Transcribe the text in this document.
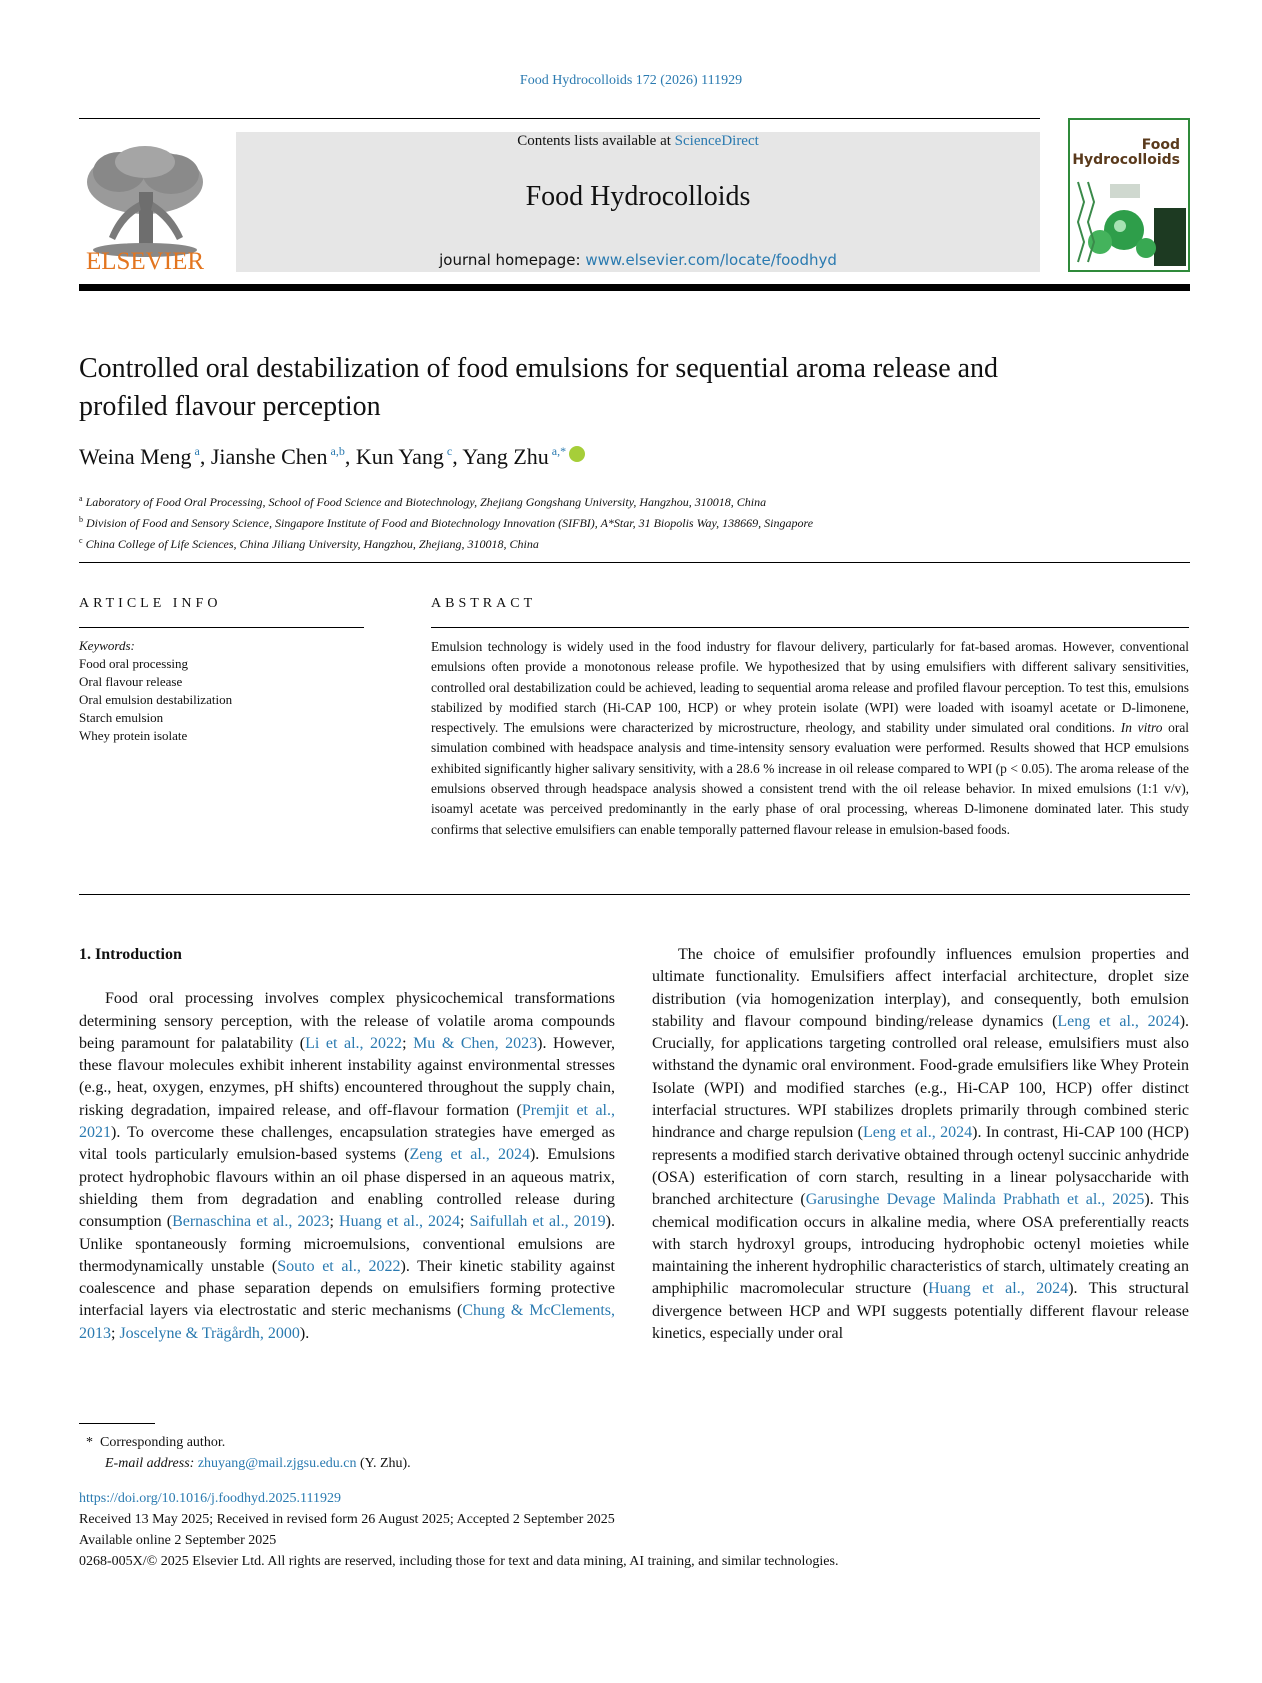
Food Hydrocolloids 172 (2026) 111929
ELSEVIER
Contents lists available at ScienceDirect
Food Hydrocolloids
journal homepage: www.elsevier.com/locate/foodhyd
Food
Hydrocolloids
Controlled oral destabilization of food emulsions for sequential aroma release and profiled flavour perception
Weina Meng $^a$, Jianshe Chen $^{a,b}$, Kun Yang $^c$, Yang Zhu $^{a,*}$
$^a$ Laboratory of Food Oral Processing, School of Food Science and Biotechnology, Zhejiang Gongshang University, Hangzhou, 310018, China
$^b$ Division of Food and Sensory Science, Singapore Institute of Food and Biotechnology Innovation (SIFBI), A*Star, 31 Biopolis Way, 138669, Singapore
$^c$ China College of Life Sciences, China Jiliang University, Hangzhou, Zhejiang, 310018, China
ARTICLE INFO
Keywords:
Food oral processing
Oral flavour release
Oral emulsion destabilization
Starch emulsion
Whey protein isolate
ABSTRACT
Emulsion technology is widely used in the food industry for flavour delivery, particularly for fat-based aromas. However, conventional emulsions often provide a monotonous release profile. We hypothesized that by using emulsifiers with different salivary sensitivities, controlled oral destabilization could be achieved, leading to sequential aroma release and profiled flavour perception. To test this, emulsions stabilized by modified starch (Hi-CAP 100, HCP) or whey protein isolate (WPI) were loaded with isoamyl acetate or D-limonene, respectively. The emulsions were characterized by microstructure, rheology, and stability under simulated oral conditions. In vitro oral simulation combined with headspace analysis and time-intensity sensory evaluation were performed. Results showed that HCP emulsions exhibited significantly higher salivary sensitivity, with a 28.6 % increase in oil release compared to WPI (p < 0.05). The aroma release of the emulsions observed through headspace analysis showed a consistent trend with the oil release behavior. In mixed emulsions (1:1 v/v), isoamyl acetate was perceived predominantly in the early phase of oral processing, whereas D-limonene dominated later. This study confirms that selective emulsifiers can enable temporally patterned flavour release in emulsion-based foods.

1. Introduction

Food oral processing involves complex physicochemical transformations determining sensory perception, with the release of volatile aroma compounds being paramount for palatability (Li et al., 2022; Mu & Chen, 2023). However, these flavour molecules exhibit inherent instability against environmental stresses (e.g., heat, oxygen, enzymes, pH shifts) encountered throughout the supply chain, risking degradation, impaired release, and off-flavour formation (Premjit et al., 2021). To overcome these challenges, encapsulation strategies have emerged as vital tools particularly emulsion-based systems (Zeng et al., 2024). Emulsions protect hydrophobic flavours within an oil phase dispersed in an aqueous matrix, shielding them from degradation and enabling controlled release during consumption (Bernaschina et al., 2023; Huang et al., 2024; Saifullah et al., 2019). Unlike spontaneously forming microemulsions, conventional emulsions are thermodynamically unstable (Souto et al., 2022). Their kinetic stability against coalescence and phase separation depends on emulsifiers forming protective interfacial layers via electrostatic and steric mechanisms (Chung & McClements, 2013; Joscelyne & Trägårdh, 2000).

The choice of emulsifier profoundly influences emulsion properties and ultimate functionality. Emulsifiers affect interfacial architecture, droplet size distribution (via homogenization interplay), and consequently, both emulsion stability and flavour compound binding/release dynamics (Leng et al., 2024). Crucially, for applications targeting controlled oral release, emulsifiers must also withstand the dynamic oral environment. Food-grade emulsifiers like Whey Protein Isolate (WPI) and modified starches (e.g., Hi-CAP 100, HCP) offer distinct interfacial structures. WPI stabilizes droplets primarily through combined steric hindrance and charge repulsion (Leng et al., 2024). In contrast, Hi-CAP 100 (HCP) represents a modified starch derivative obtained through octenyl succinic anhydride (OSA) esterification of corn starch, resulting in a linear polysaccharide with branched architecture (Garusinghe Devage Malinda Prabhath et al., 2025). This chemical modification occurs in alkaline media, where OSA preferentially reacts with starch hydroxyl groups, introducing hydrophobic octenyl moieties while maintaining the inherent hydrophilic characteristics of starch, ultimately creating an amphiphilic macromolecular structure (Huang et al., 2024). This structural divergence between HCP and WPI suggests potentially different flavour release kinetics, especially under oral

*  Corresponding author.
E-mail address: zhuyang@mail.zjgsu.edu.cn (Y. Zhu).
https://doi.org/10.1016/j.foodhyd.2025.111929
Received 13 May 2025; Received in revised form 26 August 2025; Accepted 2 September 2025
Available online 2 September 2025
0268-005X/© 2025 Elsevier Ltd. All rights are reserved, including those for text and data mining, AI training, and similar technologies.
